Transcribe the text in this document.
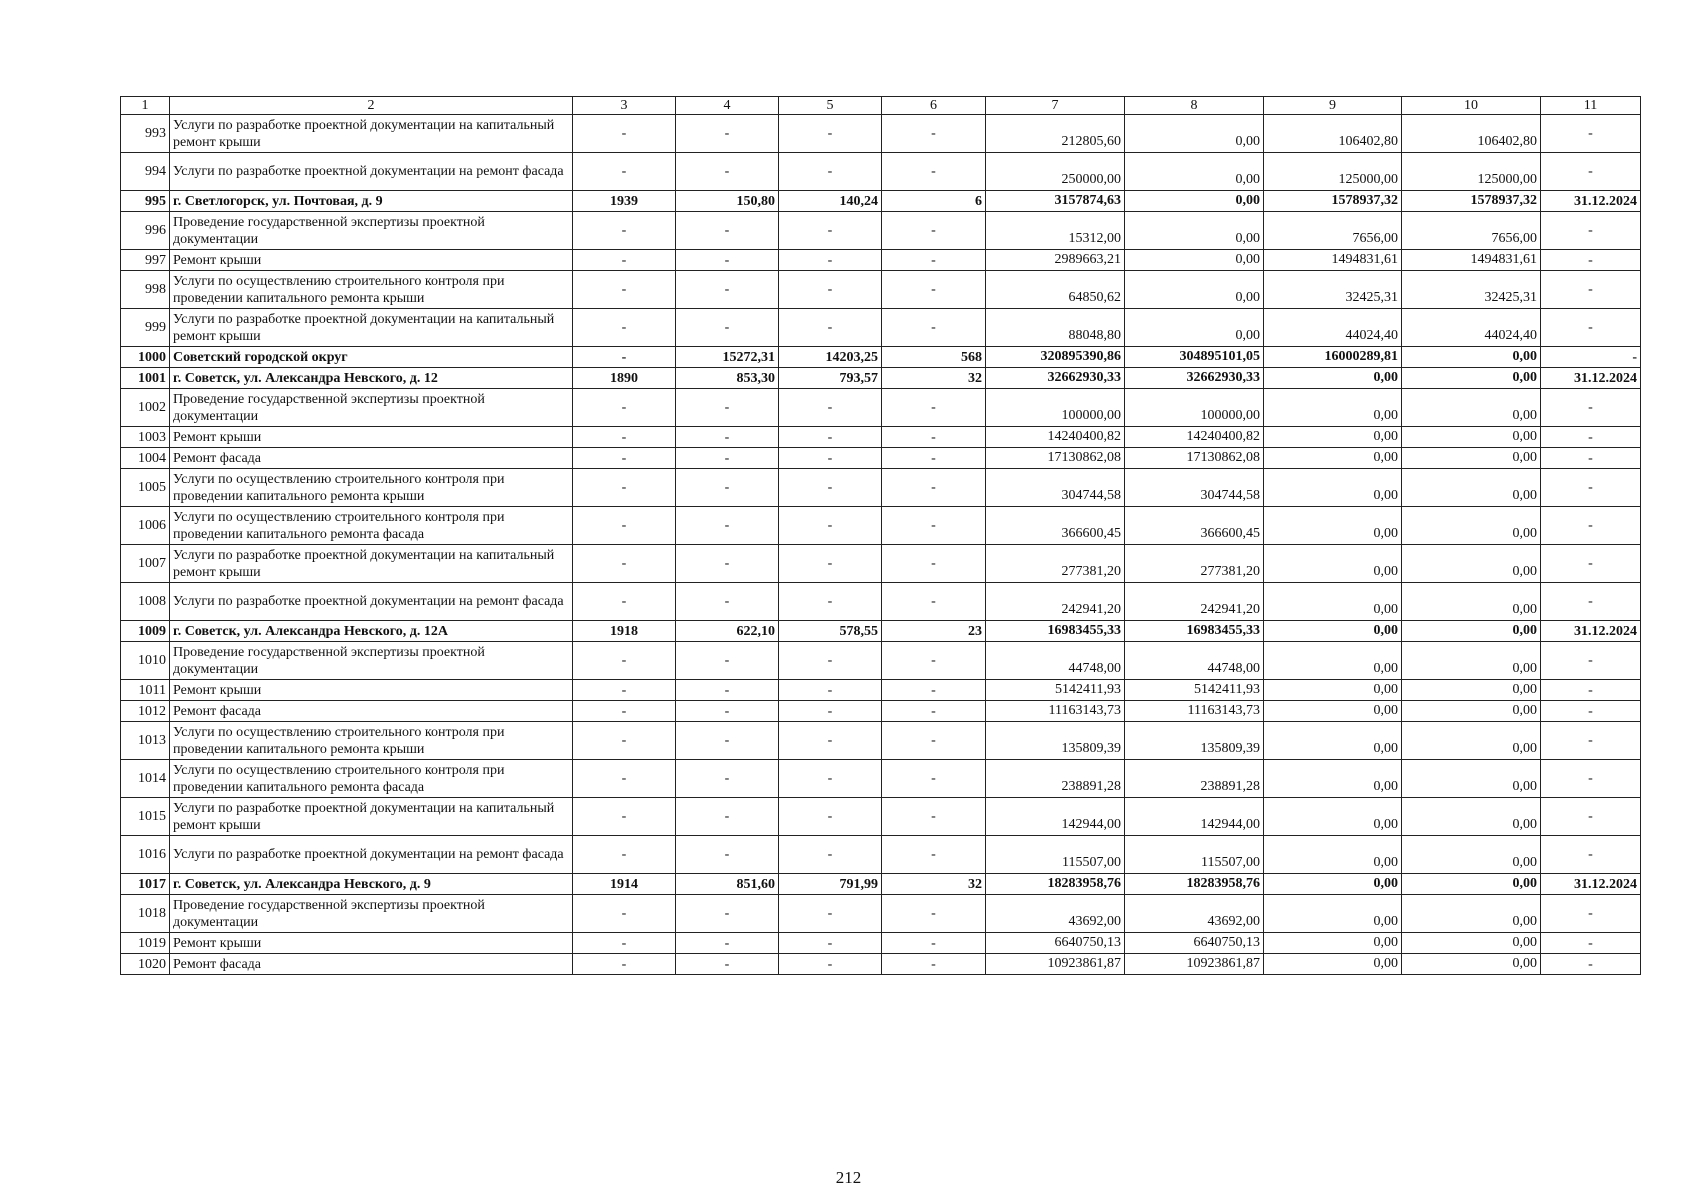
1	2	3	4	5	6	7	8	9	10	11
993	Услуги по разработке проектной документации на капитальный ремонт крыши	-	-	-	-	212805,60	0,00	106402,80	106402,80	-
994	Услуги по разработке проектной документации на ремонт фасада	-	-	-	-	250000,00	0,00	125000,00	125000,00	-
995	г. Светлогорск, ул. Почтовая, д. 9	1939	150,80	140,24	6	3157874,63	0,00	1578937,32	1578937,32	31.12.2024
996	Проведение государственной экспертизы проектной документации	-	-	-	-	15312,00	0,00	7656,00	7656,00	-
997	Ремонт крыши	-	-	-	-	2989663,21	0,00	1494831,61	1494831,61	-
998	Услуги по осуществлению строительного контроля при проведении капитального ремонта крыши	-	-	-	-	64850,62	0,00	32425,31	32425,31	-
999	Услуги по разработке проектной документации на капитальный ремонт крыши	-	-	-	-	88048,80	0,00	44024,40	44024,40	-
1000	Советский городской округ	-	15272,31	14203,25	568	320895390,86	304895101,05	16000289,81	0,00	-
1001	г. Советск, ул. Александра Невского, д. 12	1890	853,30	793,57	32	32662930,33	32662930,33	0,00	0,00	31.12.2024
1002	Проведение государственной экспертизы проектной документации	-	-	-	-	100000,00	100000,00	0,00	0,00	-
1003	Ремонт крыши	-	-	-	-	14240400,82	14240400,82	0,00	0,00	-
1004	Ремонт фасада	-	-	-	-	17130862,08	17130862,08	0,00	0,00	-
1005	Услуги по осуществлению строительного контроля при проведении капитального ремонта крыши	-	-	-	-	304744,58	304744,58	0,00	0,00	-
1006	Услуги по осуществлению строительного контроля при проведении капитального ремонта фасада	-	-	-	-	366600,45	366600,45	0,00	0,00	-
1007	Услуги по разработке проектной документации на капитальный ремонт крыши	-	-	-	-	277381,20	277381,20	0,00	0,00	-
1008	Услуги по разработке проектной документации на ремонт фасада	-	-	-	-	242941,20	242941,20	0,00	0,00	-
1009	г. Советск, ул. Александра Невского, д. 12А	1918	622,10	578,55	23	16983455,33	16983455,33	0,00	0,00	31.12.2024
1010	Проведение государственной экспертизы проектной документации	-	-	-	-	44748,00	44748,00	0,00	0,00	-
1011	Ремонт крыши	-	-	-	-	5142411,93	5142411,93	0,00	0,00	-
1012	Ремонт фасада	-	-	-	-	11163143,73	11163143,73	0,00	0,00	-
1013	Услуги по осуществлению строительного контроля при проведении капитального ремонта крыши	-	-	-	-	135809,39	135809,39	0,00	0,00	-
1014	Услуги по осуществлению строительного контроля при проведении капитального ремонта фасада	-	-	-	-	238891,28	238891,28	0,00	0,00	-
1015	Услуги по разработке проектной документации на капитальный ремонт крыши	-	-	-	-	142944,00	142944,00	0,00	0,00	-
1016	Услуги по разработке проектной документации на ремонт фасада	-	-	-	-	115507,00	115507,00	0,00	0,00	-
1017	г. Советск, ул. Александра Невского, д. 9	1914	851,60	791,99	32	18283958,76	18283958,76	0,00	0,00	31.12.2024
1018	Проведение государственной экспертизы проектной документации	-	-	-	-	43692,00	43692,00	0,00	0,00	-
1019	Ремонт крыши	-	-	-	-	6640750,13	6640750,13	0,00	0,00	-
1020	Ремонт фасада	-	-	-	-	10923861,87	10923861,87	0,00	0,00	-
212
